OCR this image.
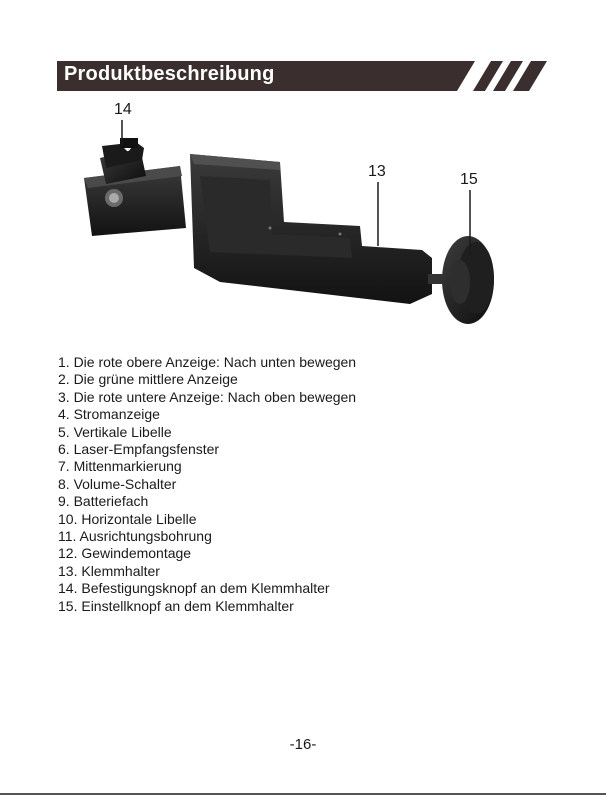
Produktbeschreibung
14
13	15
1. Die rote obere Anzeige: Nach unten bewegen
2. Die grüne mittlere Anzeige
3. Die rote untere Anzeige: Nach oben bewegen
4. Stromanzeige
5. Vertikale Libelle
6. Laser-Empfangsfenster
7. Mittenmarkierung
8. Volume-Schalter
9. Batteriefach
10. Horizontale Libelle
11. Ausrichtungsbohrung
12. Gewindemontage
13. Klemmhalter
14. Befestigungsknopf an dem Klemmhalter
15. Einstellknopf an dem Klemmhalter
-16-
